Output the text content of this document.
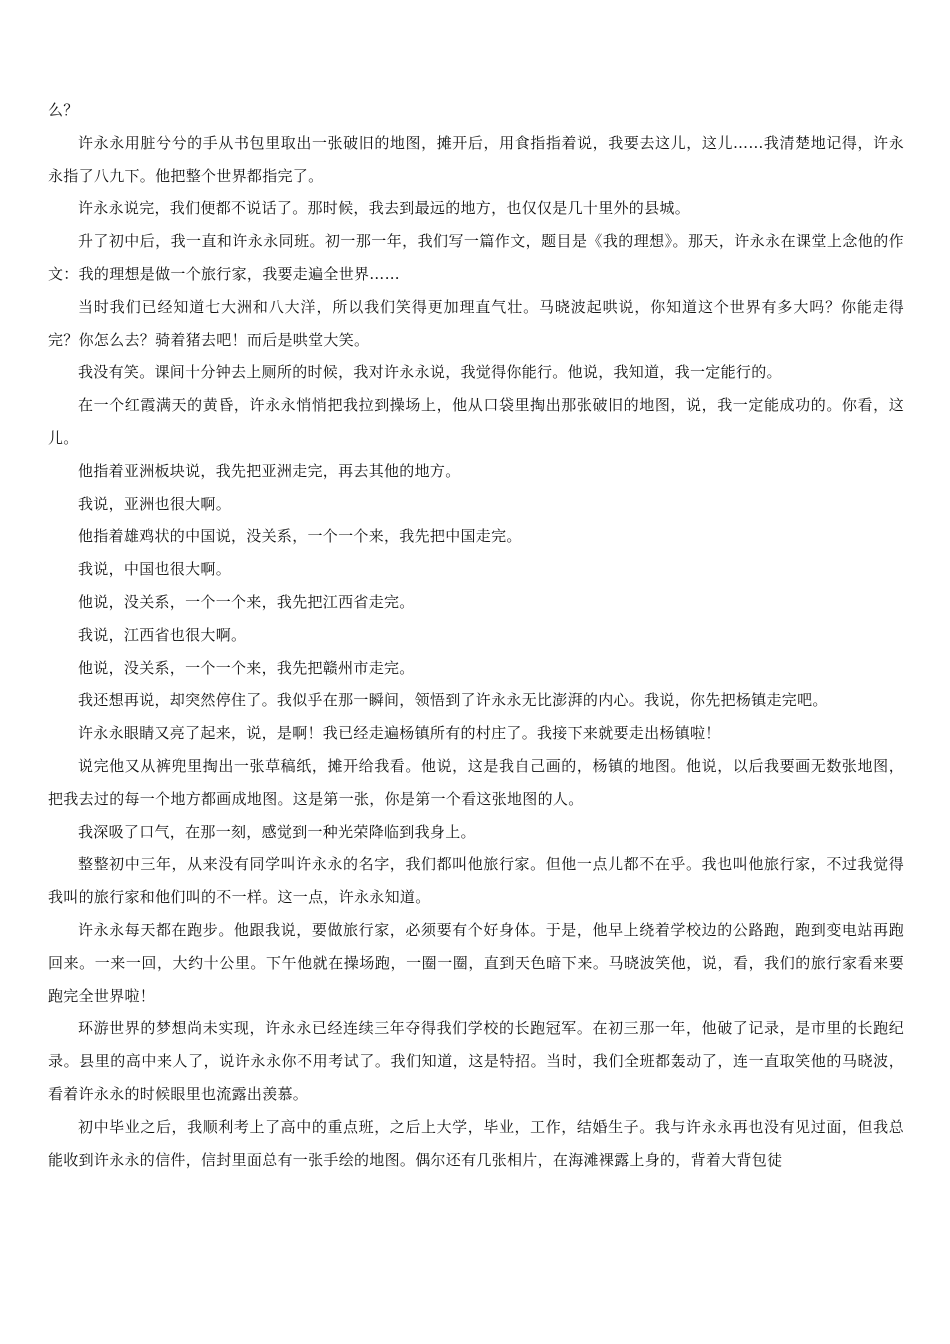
么？

许永永用脏兮兮的手从书包里取出一张破旧的地图，摊开后，用食指指着说，我要去这儿，这儿……我清楚地记得，许永永指了八九下。他把整个世界都指完了。

许永永说完，我们便都不说话了。那时候，我去到最远的地方，也仅仅是几十里外的县城。

升了初中后，我一直和许永永同班。初一那一年，我们写一篇作文，题目是《我的理想》。那天，许永永在课堂上念他的作文：我的理想是做一个旅行家，我要走遍全世界……

当时我们已经知道七大洲和八大洋，所以我们笑得更加理直气壮。马晓波起哄说，你知道这个世界有多大吗？你能走得完？你怎么去？骑着猪去吧！而后是哄堂大笑。

我没有笑。课间十分钟去上厕所的时候，我对许永永说，我觉得你能行。他说，我知道，我一定能行的。

在一个红霞满天的黄昏，许永永悄悄把我拉到操场上，他从口袋里掏出那张破旧的地图，说，我一定能成功的。你看，这儿。

他指着亚洲板块说，我先把亚洲走完，再去其他的地方。

我说，亚洲也很大啊。

他指着雄鸡状的中国说，没关系，一个一个来，我先把中国走完。

我说，中国也很大啊。

他说，没关系，一个一个来，我先把江西省走完。

我说，江西省也很大啊。

他说，没关系，一个一个来，我先把赣州市走完。

我还想再说，却突然停住了。我似乎在那一瞬间，领悟到了许永永无比澎湃的内心。我说，你先把杨镇走完吧。

许永永眼睛又亮了起来，说，是啊！我已经走遍杨镇所有的村庄了。我接下来就要走出杨镇啦！

说完他又从裤兜里掏出一张草稿纸，摊开给我看。他说，这是我自己画的，杨镇的地图。他说，以后我要画无数张地图，把我去过的每一个地方都画成地图。这是第一张，你是第一个看这张地图的人。

我深吸了口气，在那一刻，感觉到一种光荣降临到我身上。

整整初中三年，从来没有同学叫许永永的名字，我们都叫他旅行家。但他一点儿都不在乎。我也叫他旅行家，不过我觉得我叫的旅行家和他们叫的不一样。这一点，许永永知道。

许永永每天都在跑步。他跟我说，要做旅行家，必须要有个好身体。于是，他早上绕着学校边的公路跑，跑到变电站再跑回来。一来一回，大约十公里。下午他就在操场跑，一圈一圈，直到天色暗下来。马晓波笑他，说，看，我们的旅行家看来要跑完全世界啦！

环游世界的梦想尚未实现，许永永已经连续三年夺得我们学校的长跑冠军。在初三那一年，他破了记录，是市里的长跑纪录。县里的高中来人了，说许永永你不用考试了。我们知道，这是特招。当时，我们全班都轰动了，连一直取笑他的马晓波，看着许永永的时候眼里也流露出羡慕。

初中毕业之后，我顺利考上了高中的重点班，之后上大学，毕业，工作，结婚生子。我与许永永再也没有见过面，但我总能收到许永永的信件，信封里面总有一张手绘的地图。偶尔还有几张相片，在海滩裸露上身的，背着大背包徒
